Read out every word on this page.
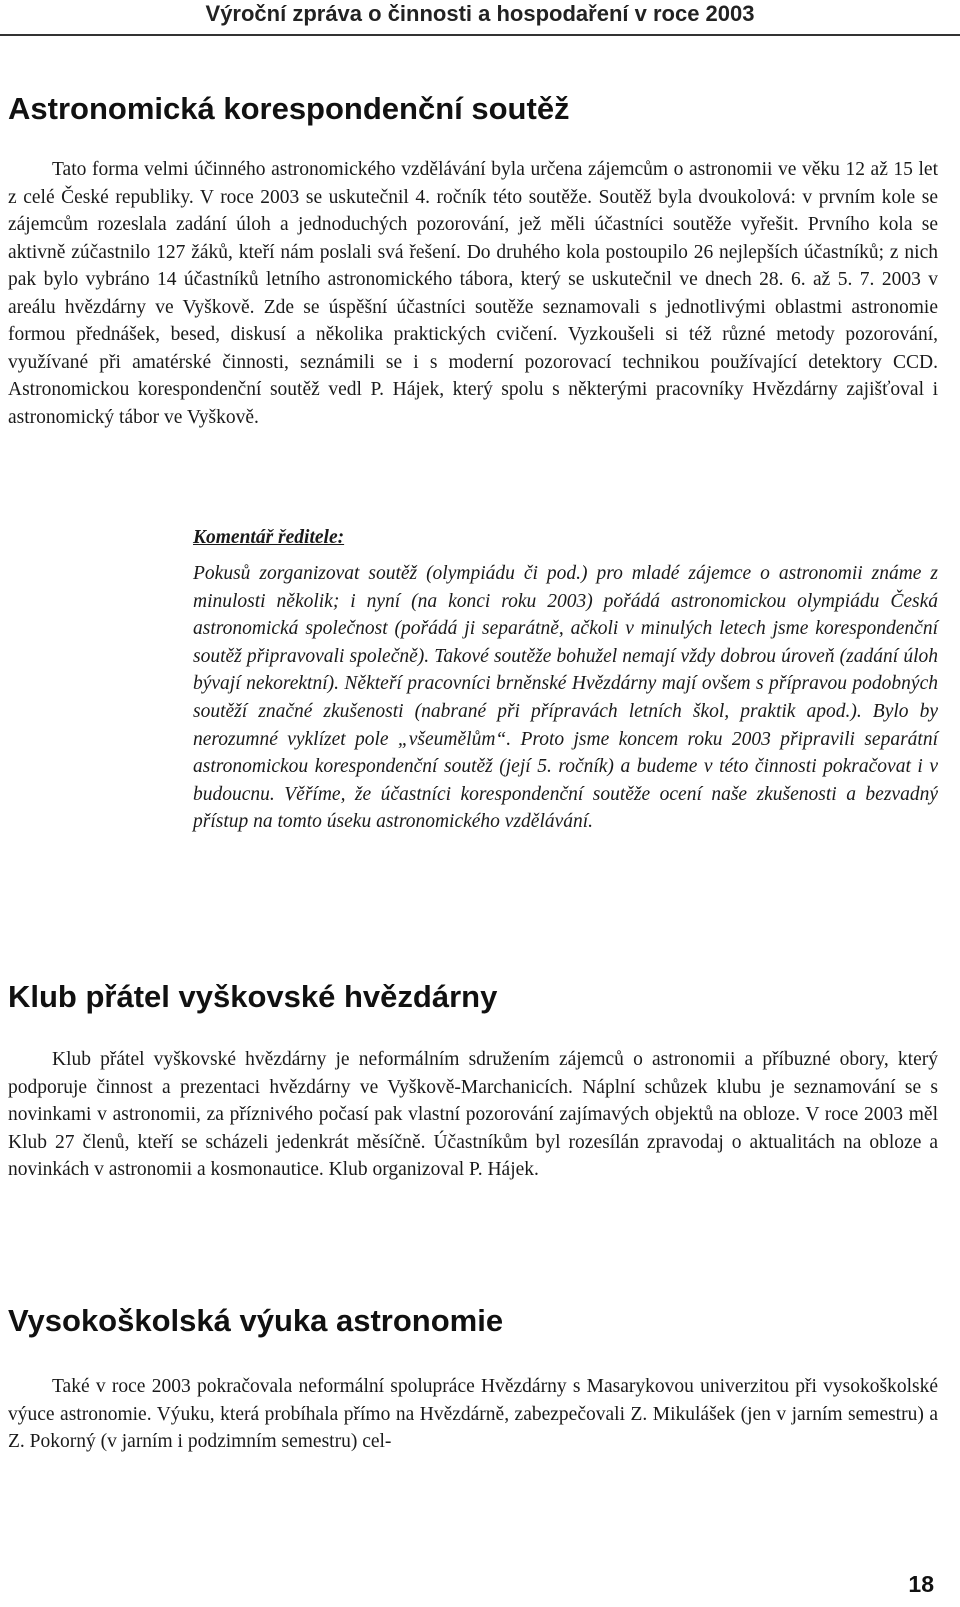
Výroční zpráva o činnosti a hospodaření v roce 2003
Astronomická korespondenční soutěž

Tato forma velmi účinného astronomického vzdělávání byla určena zájemcům o astronomii ve věku 12 až 15 let z celé České republiky. V roce 2003 se uskutečnil 4. ročník této soutěže. Soutěž byla dvoukolová: v prvním kole se zájemcům rozeslala zadání úloh a jednoduchých pozorování, jež měli účastníci soutěže vyřešit. Prvního kola se aktivně zúčastnilo 127 žáků, kteří nám poslali svá řešení. Do druhého kola postoupilo 26 nejlepších účastníků; z nich pak bylo vybráno 14 účastníků letního astronomického tábora, který se uskutečnil ve dnech 28. 6. až 5. 7. 2003 v areálu hvězdárny ve Vyškově. Zde se úspěšní účastníci soutěže seznamovali s jednotlivými oblastmi astronomie formou přednášek, besed, diskusí a několika praktických cvičení. Vyzkoušeli si též různé metody pozorování, využívané při amatérské činnosti, seznámili se i s moderní pozorovací technikou používající detektory CCD. Astronomickou korespondenční soutěž vedl P. Hájek, který spolu s některými pracovníky Hvězdárny zajišťoval i astronomický tábor ve Vyškově.

Komentář ředitele:

Pokusů zorganizovat soutěž (olympiádu či pod.) pro mladé zájemce o astronomii známe z minulosti několik; i nyní (na konci roku 2003) pořádá astronomickou olympiádu Česká astronomická společnost (pořádá ji separátně, ačkoli v minulých letech jsme korespondenční soutěž připravovali společně). Takové soutěže bohužel nemají vždy dobrou úroveň (zadání úloh bývají nekorektní). Někteří pracovníci brněnské Hvězdárny mají ovšem s přípravou podobných soutěží značné zkušenosti (nabrané při přípravách letních škol, praktik apod.). Bylo by nerozumné vyklízet pole „všeumělům“. Proto jsme koncem roku 2003 připravili separátní astronomickou korespondenční soutěž (její 5. ročník) a budeme v této činnosti pokračovat i v budoucnu. Věříme, že účastníci korespondenční soutěže ocení naše zkušenosti a bezvadný přístup na tomto úseku astronomického vzdělávání.

Klub přátel vyškovské hvězdárny

Klub přátel vyškovské hvězdárny je neformálním sdružením zájemců o astronomii a příbuzné obory, který podporuje činnost a prezentaci hvězdárny ve Vyškově-Marchanicích. Náplní schůzek klubu je seznamování se s novinkami v astronomii, za příznivého počasí pak vlastní pozorování zajímavých objektů na obloze. V roce 2003 měl Klub 27 členů, kteří se scházeli jedenkrát měsíčně. Účastníkům byl rozesílán zpravodaj o aktualitách na obloze a novinkách v astronomii a kosmonautice. Klub organizoval P. Hájek.

Vysokoškolská výuka astronomie

Také v roce 2003 pokračovala neformální spolupráce Hvězdárny s Masarykovou univerzitou při vysokoškolské výuce astronomie. Výuku, která probíhala přímo na Hvězdárně, zabezpečovali Z. Mikulášek (jen v jarním semestru) a Z. Pokorný (v jarním i podzimním semestru) cel-

18
